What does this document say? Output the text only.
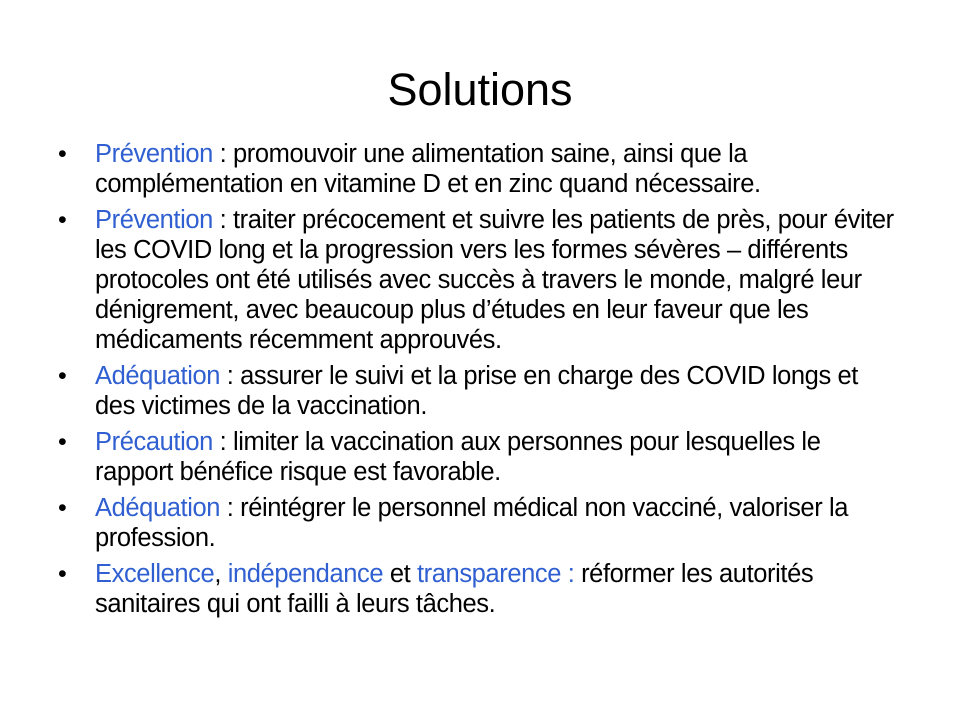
Solutions
• Prévention : promouvoir une alimentation saine, ainsi que la complémentation en vitamine D et en zinc quand nécessaire.
• Prévention : traiter précocement et suivre les patients de près, pour éviter les COVID long et la progression vers les formes sévères – différents protocoles ont été utilisés avec succès à travers le monde, malgré leur dénigrement, avec beaucoup plus d’études en leur faveur que les médicaments récemment approuvés.
• Adéquation : assurer le suivi et la prise en charge des COVID longs et des victimes de la vaccination.
• Précaution : limiter la vaccination aux personnes pour lesquelles le rapport bénéfice risque est favorable.
• Adéquation : réintégrer le personnel médical non vacciné, valoriser la profession.
• Excellence, indépendance et transparence : réformer les autorités sanitaires qui ont failli à leurs tâches.
